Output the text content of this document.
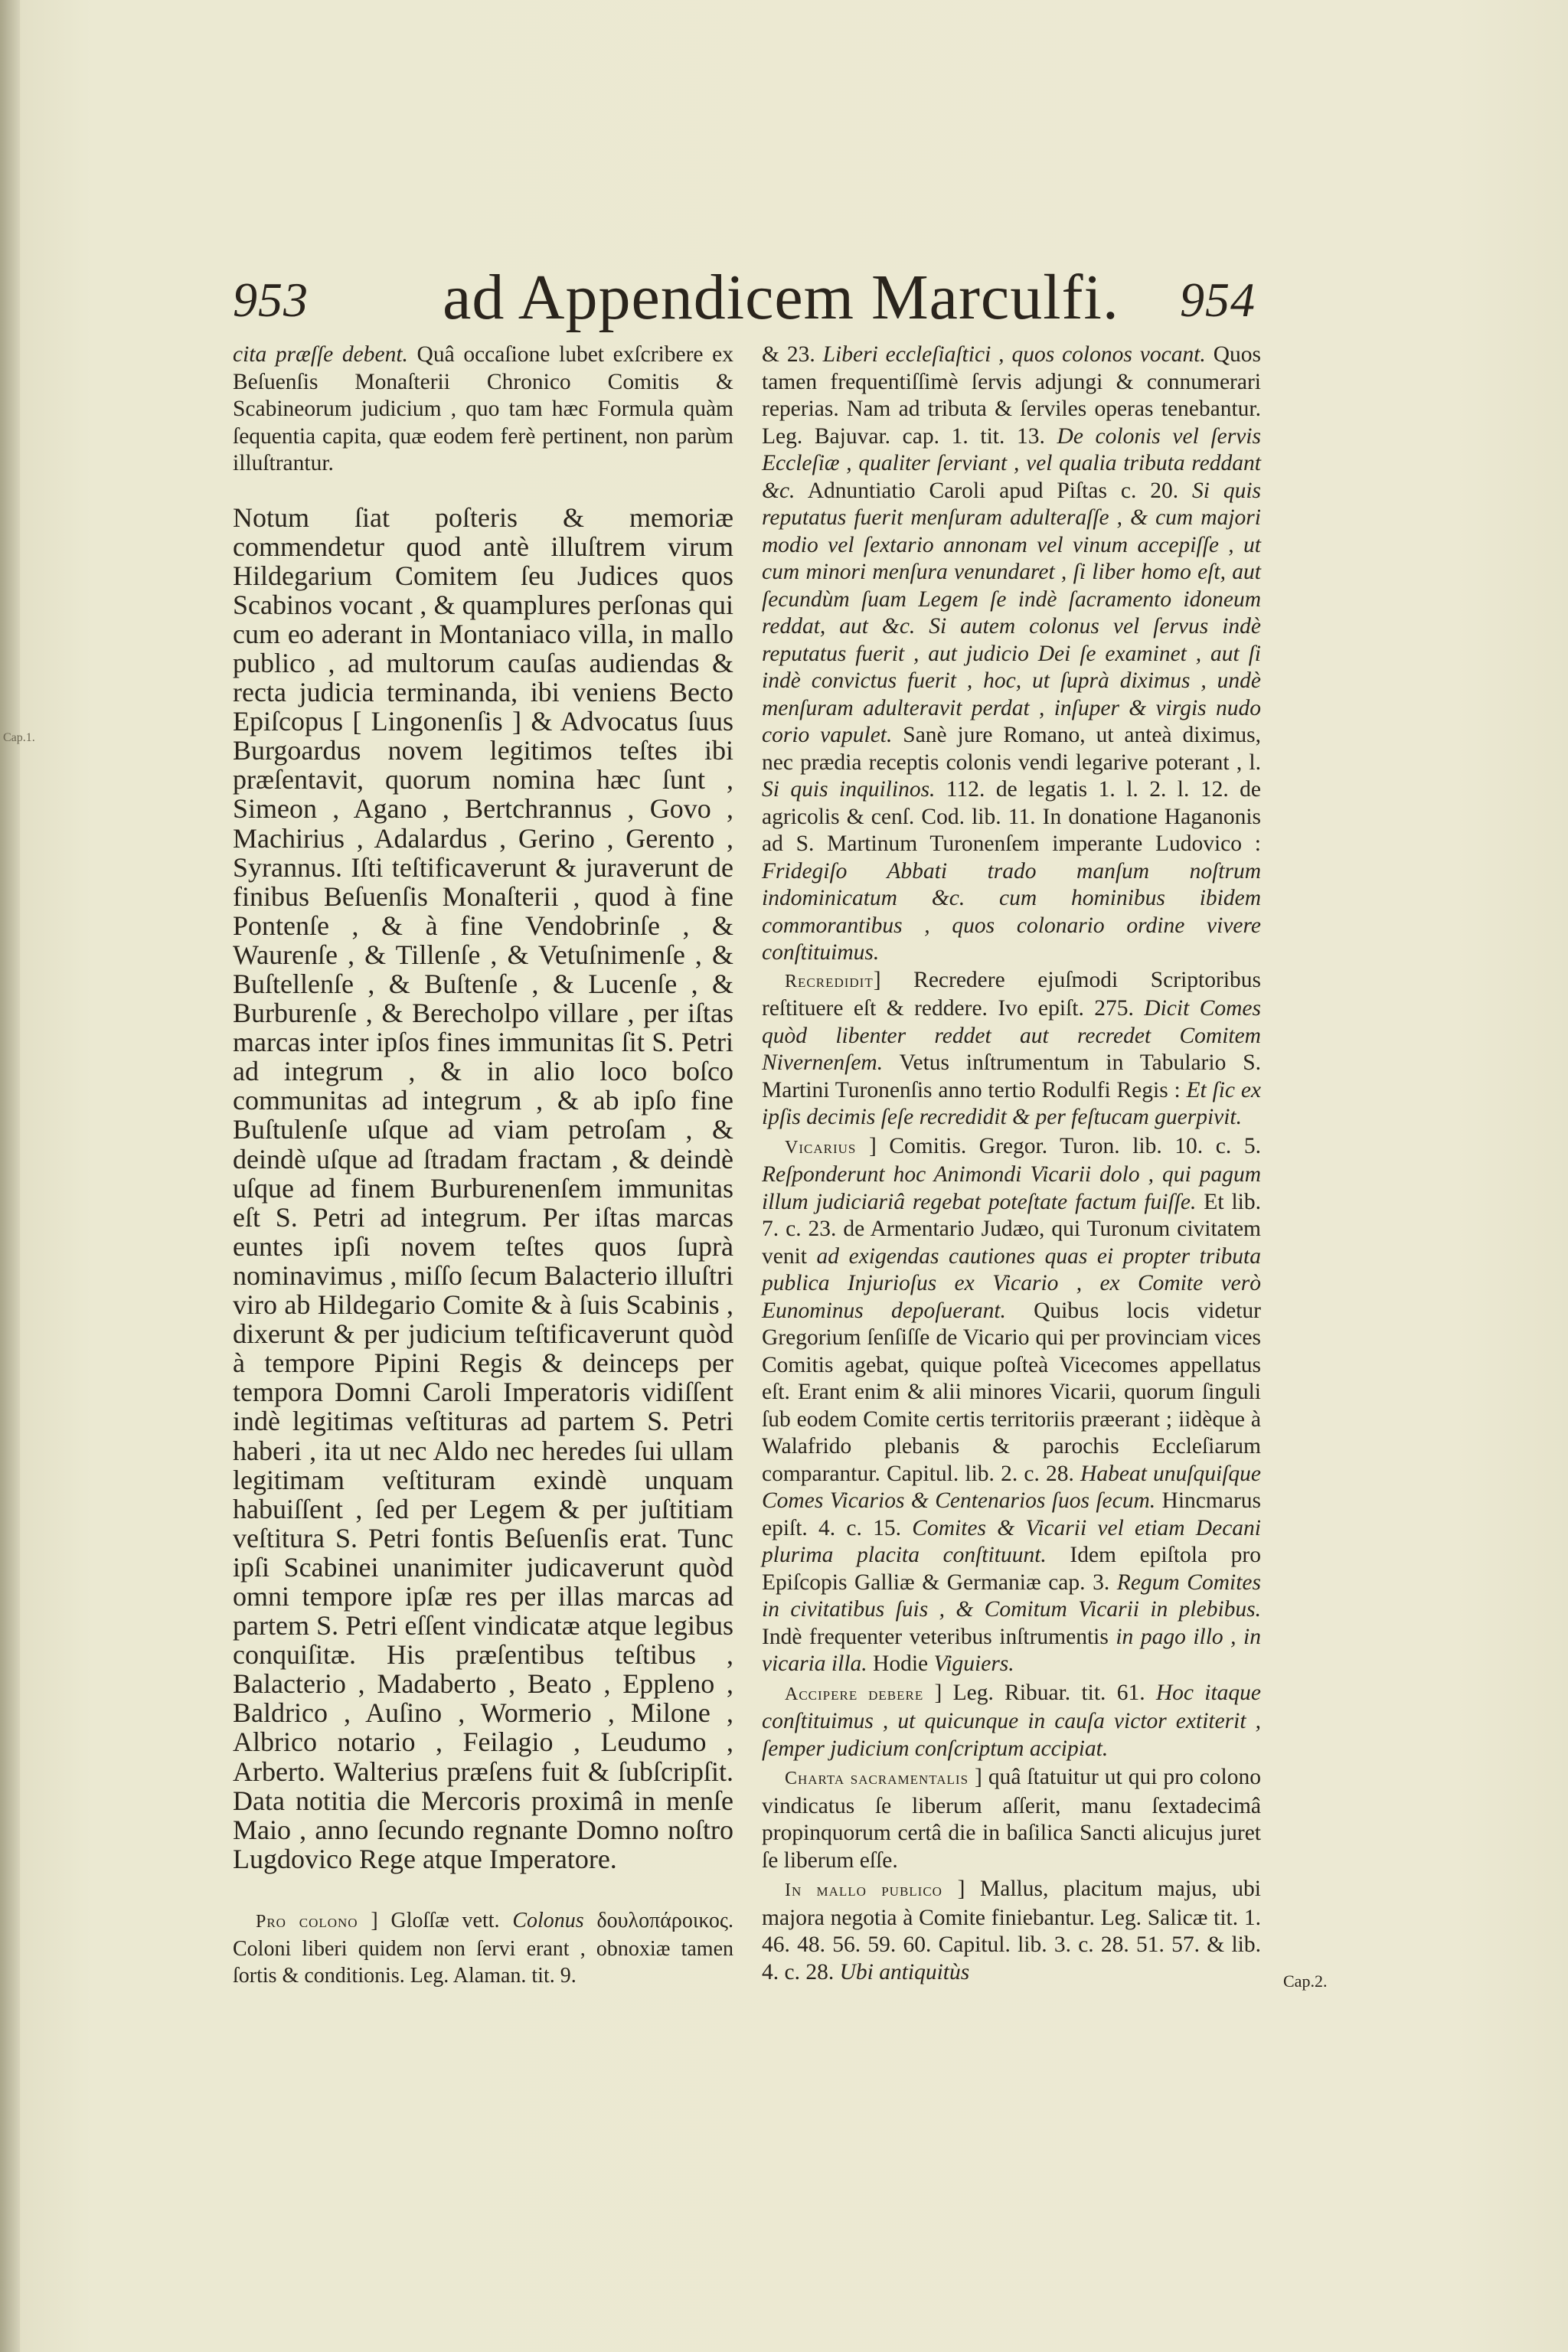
953	ad Appendicem Marculfi.	954
Cap.1.
Cap.2.

cita præſſe debent. Quâ occaſione lubet exſcribere ex Beſuenſis Monaſterii Chronico Comitis & Scabineorum judicium , quo tam hæc Formula quàm ſequentia capita, quæ eodem ferè pertinent, non parùm illuſtrantur.

Notum ſiat poſteris & memoriæ commendetur quod antè illuſtrem virum Hildegarium Comitem ſeu Judices quos Scabinos vocant , & quamplures perſonas qui cum eo aderant in Montaniaco villa, in mallo publico , ad multorum cauſas audiendas & recta judicia terminanda, ibi veniens Becto Epiſcopus [ Lingonenſis ] & Advocatus ſuus Burgoardus novem legitimos teſtes ibi præſentavit, quorum nomina hæc ſunt , Simeon , Agano , Bertchrannus , Govo , Machirius , Adalardus , Gerino , Gerento , Syrannus. Iſti teſtificaverunt & juraverunt de finibus Beſuenſis Monaſterii , quod à fine Pontenſe , & à fine Vendobrinſe , & Waurenſe , & Tillenſe , & Vetuſnimenſe , & Buſtellenſe , & Buſtenſe , & Lucenſe , & Burburenſe , & Berecholpo villare , per iſtas marcas inter ipſos fines immunitas ſit S. Petri ad integrum , & in alio loco boſco communitas ad integrum , & ab ipſo fine Buſtulenſe uſque ad viam petroſam , & deindè uſque ad ſtradam fractam , & deindè uſque ad finem Burburenenſem immunitas eſt S. Petri ad integrum. Per iſtas marcas euntes ipſi novem teſtes quos ſuprà nominavimus , miſſo ſecum Balacterio illuſtri viro ab Hildegario Comite & à ſuis Scabinis , dixerunt & per judicium teſtificaverunt quòd à tempore Pipini Regis & deinceps per tempora Domni Caroli Imperatoris vidiſſent indè legitimas veſtituras ad partem S. Petri haberi , ita ut nec Aldo nec heredes ſui ullam legitimam veſtituram exindè unquam habuiſſent , ſed per Legem & per juſtitiam veſtitura S. Petri fontis Beſuenſis erat. Tunc ipſi Scabinei unanimiter judicaverunt quòd omni tempore ipſæ res per illas marcas ad partem S. Petri eſſent vindicatæ atque legibus conquiſitæ. His præſentibus teſtibus , Balacterio , Madaberto , Beato , Eppleno , Baldrico , Auſino , Wormerio , Milone , Albrico notario , Feilagio , Leudumo , Arberto. Walterius præſens fuit & ſubſcripſit. Data notitia die Mercoris proximâ in menſe Maio , anno ſecundo regnante Domno noſtro Lugdovico Rege atque Imperatore.

Pro colono ] Gloſſæ vett. Colonus δουλοπάροικος. Coloni liberi quidem non ſervi erant , obnoxiæ tamen ſortis & conditionis. Leg. Alaman. tit. 9.

& 23. Liberi eccleſiaſtici , quos colonos vocant. Quos tamen frequentiſſimè ſervis adjungi & connumerari reperias. Nam ad tributa & ſerviles operas tenebantur. Leg. Bajuvar. cap. 1. tit. 13. De colonis vel ſervis Eccleſiæ , qualiter ſerviant , vel qualia tributa reddant &c. Adnuntiatio Caroli apud Piſtas c. 20. Si quis reputatus fuerit menſuram adulteraſſe , & cum majori modio vel ſextario annonam vel vinum accepiſſe , ut cum minori menſura venundaret , ſi liber homo eſt, aut ſecundùm ſuam Legem ſe indè ſacramento idoneum reddat, aut &c. Si autem colonus vel ſervus indè reputatus fuerit , aut judicio Dei ſe examinet , aut ſi indè convictus fuerit , hoc, ut ſuprà diximus , undè menſuram adulteravit perdat , inſuper & virgis nudo corio vapulet. Sanè jure Romano, ut anteà diximus, nec prædia receptis colonis vendi legarive poterant , l. Si quis inquilinos. 112. de legatis 1. l. 2. l. 12. de agricolis & cenſ. Cod. lib. 11. In donatione Haganonis ad S. Martinum Turonenſem imperante Ludovico : Fridegiſo Abbati trado manſum noſtrum indominicatum &c. cum hominibus ibidem commorantibus , quos colonario ordine vivere conſtituimus.

Recredidit] Recredere ejuſmodi Scriptoribus reſtituere eſt & reddere. Ivo epiſt. 275. Dicit Comes quòd libenter reddet aut recredet Comitem Nivernenſem. Vetus inſtrumentum in Tabulario S. Martini Turonenſis anno tertio Rodulfi Regis : Et ſic ex ipſis decimis ſeſe recredidit & per feſtucam guerpivit.

Vicarius ] Comitis. Gregor. Turon. lib. 10. c. 5. Reſponderunt hoc Animondi Vicarii dolo , qui pagum illum judiciariâ regebat poteſtate factum fuiſſe. Et lib. 7. c. 23. de Armentario Judæo, qui Turonum civitatem venit ad exigendas cautiones quas ei propter tributa publica Injurioſus ex Vicario , ex Comite verò Eunominus depoſuerant. Quibus locis videtur Gregorium ſenſiſſe de Vicario qui per provinciam vices Comitis agebat, quique poſteà Vicecomes appellatus eſt. Erant enim & alii minores Vicarii, quorum ſinguli ſub eodem Comite certis territoriis præerant ; iidèque à Walafrido plebanis & parochis Eccleſiarum comparantur. Capitul. lib. 2. c. 28. Habeat unuſquiſque Comes Vicarios & Centenarios ſuos ſecum. Hincmarus epiſt. 4. c. 15. Comites & Vicarii vel etiam Decani plurima placita conſtituunt. Idem epiſtola pro Epiſcopis Galliæ & Germaniæ cap. 3. Regum Comites in civitatibus ſuis , & Comitum Vicarii in plebibus. Indè frequenter veteribus inſtrumentis in pago illo , in vicaria illa. Hodie Viguiers.

Accipere debere ] Leg. Ribuar. tit. 61. Hoc itaque conſtituimus , ut quicunque in cauſa victor extiterit , ſemper judicium conſcriptum accipiat.

Charta sacramentalis ] quâ ſtatuitur ut qui pro colono vindicatus ſe liberum aſſerit, manu ſextadecimâ propinquorum certâ die in baſilica Sancti alicujus juret ſe liberum eſſe.

In mallo publico ] Mallus, placitum majus, ubi majora negotia à Comite finiebantur. Leg. Salicæ tit. 1. 46. 48. 56. 59. 60. Capitul. lib. 3. c. 28. 51. 57. & lib. 4. c. 28. Ubi antiquitùs
